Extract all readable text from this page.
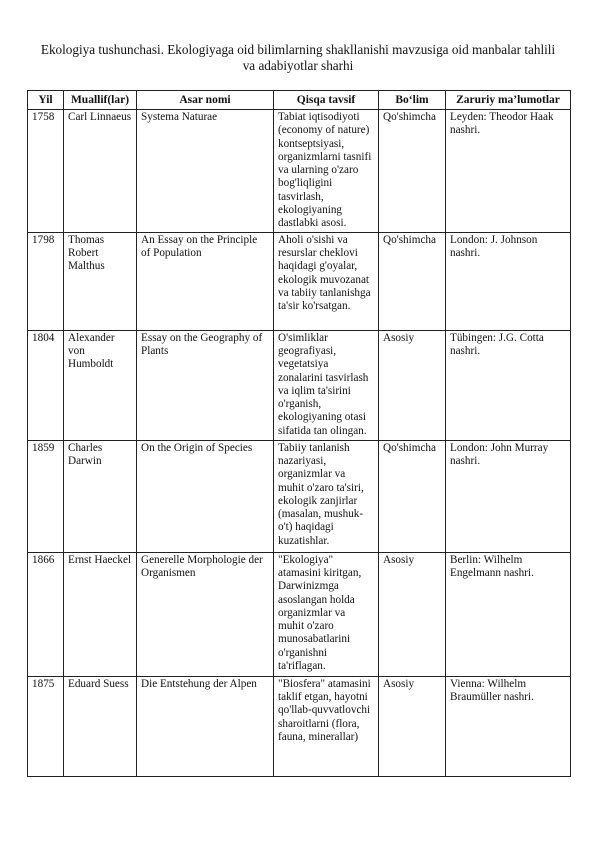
Ekologiya tushunchasi. Ekologiyaga oid bilimlarning shakllanishi mavzusiga oid manbalar tahlili va adabiyotlar sharhi
Yil	Muallif(lar)	Asar nomi	Qisqa tavsif	Bo‘lim	Zaruriy ma’lumotlar
1758	Carl Linnaeus	Systema Naturae	Tabiat iqtisodiyoti (economy of nature) kontseptsiyasi, organizmlarni tasnifi va ularning o'zaro bog'liqligini tasvirlash, ekologiyaning dastlabki asosi.	Qo'shimcha	Leyden: Theodor Haak nashri.
1798	Thomas Robert Malthus	An Essay on the Principle of Population	Aholi o'sishi va resurslar cheklovi haqidagi g'oyalar, ekologik muvozanat va tabiiy tanlanishga ta'sir ko'rsatgan.	Qo'shimcha	London: J. Johnson nashri.
1804	Alexander von Humboldt	Essay on the Geography of Plants	O'simliklar geografiyasi, vegetatsiya zonalarini tasvirlash va iqlim ta'sirini o'rganish, ekologiyaning otasi sifatida tan olingan.	Asosiy	Tübingen: J.G. Cotta nashri.
1859	Charles Darwin	On the Origin of Species	Tabiiy tanlanish nazariyasi, organizmlar va muhit o'zaro ta'siri, ekologik zanjirlar (masalan, mushuk-o't) haqidagi kuzatishlar.	Qo'shimcha	London: John Murray nashri.
1866	Ernst Haeckel	Generelle Morphologie der Organismen	"Ekologiya" atamasini kiritgan, Darwinizmga asoslangan holda organizmlar va muhit o'zaro munosabatlarini o'rganishni ta'riflagan.	Asosiy	Berlin: Wilhelm Engelmann nashri.
1875	Eduard Suess	Die Entstehung der Alpen	"Biosfera" atamasini taklif etgan, hayotni qo'llab-quvvatlovchi sharoitlarni (flora, fauna, minerallar)	Asosiy	Vienna: Wilhelm Braumüller nashri.
